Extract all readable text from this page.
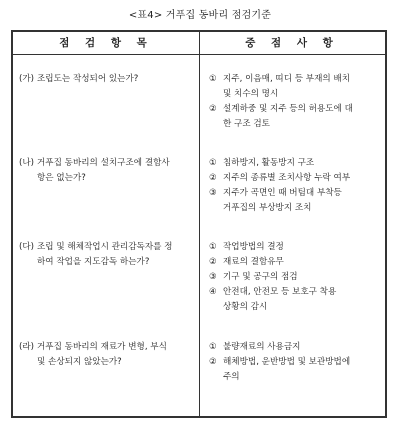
<표4> 거푸집 동바리 점검기준
점 검 항 목	중 점 사 항
(가) 조립도는 작성되어 있는가?	① 지주, 이음매, 띠디 등 부재의 배치
및 치수의 명시
② 설계하중 및 지주 등의 허용도에 대
한 구조 검토
(나) 거푸집 동바리의 설치구조에 결함사
항은 없는가?
① 침하방지, 활동방지 구조
② 지주의 종류별 조치사항 누락 여부
③ 지주가 곡면인 때 버팀대 부착등
거푸집의 부상방지 조치
(다) 조립 및 해체작업시 관리감독자를 정
하여 작업을 지도감독 하는가?
① 작업방법의 결정
② 재료의 결함유무
③ 기구 및 공구의 점검
④ 안전대, 안전모 등 보호구 착용
상황의 감시
(라) 거푸집 동바리의 재료가 변형, 부식
및 손상되지 않았는가?
① 불량재료의 사용금지
② 해체방법, 운반방법 및 보관방법에
주의
